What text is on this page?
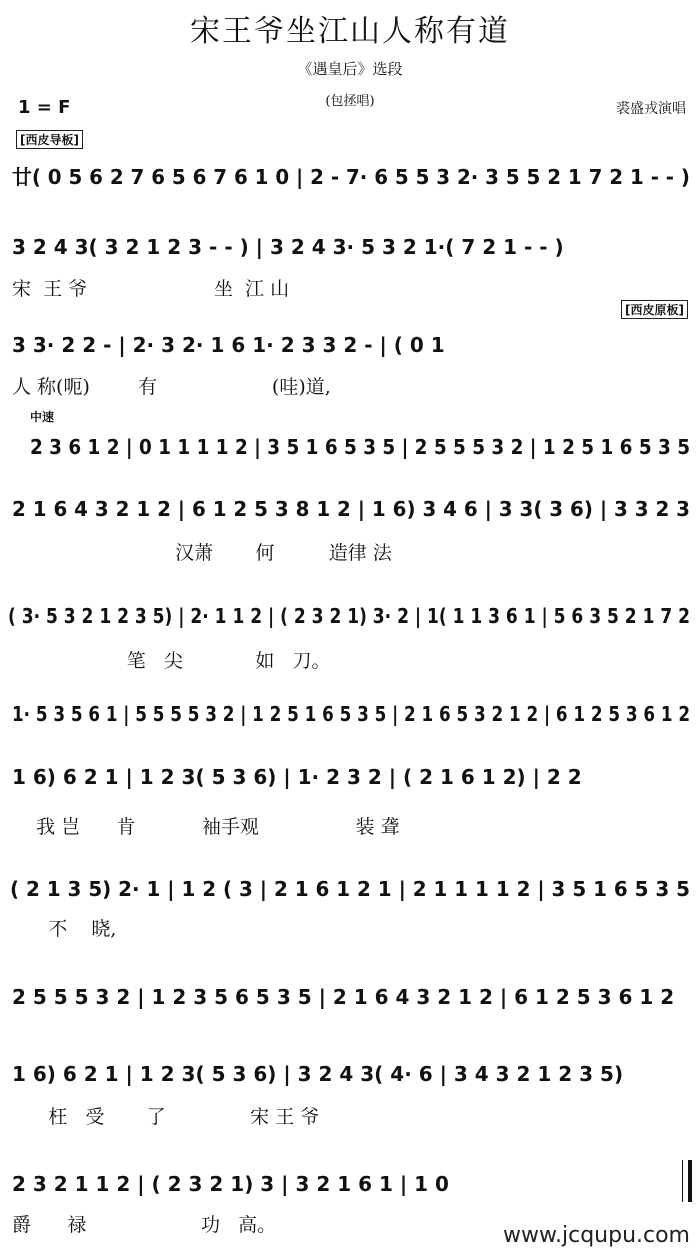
宋王爷坐江山人称有道
《遇皇后》选段
(包拯唱)
1 = F	裘盛戎演唱
[西皮导板]
[西皮原板]
中速
廿( 0 5 6 2 7 6 5 6 7 6 1 0 | 2 - 7· 6 5 5 3 2· 3 5 5 2 1 7 2 1 - - )
3 2 4 3( 3 2 1 2 3 - - ) | 3 2 4 3· 5 3 2 1·( 7 2 1 - - )
3 3· 2 2 - | 2· 3 2· 1 6 1· 2 3 3 2 - | ( 0 1
2 3 6 1 2 | 0 1 1 1 1 2 | 3 5 1 6 5 3 5 | 2 5 5 5 3 2 | 1 2 5 1 6 5 3 5
2 1 6 4 3 2 1 2 | 6 1 2 5 3 8 1 2 | 1 6) 3 4 6 | 3 3( 3 6) | 3 3 2 3
( 3· 5 3 2 1 2 3 5) | 2· 1 1 2 | ( 2 3 2 1) 3· 2 | 1( 1 1 3 6 1 | 5 6 3 5 2 1 7 2
1· 5 3 5 6 1 | 5 5 5 5 3 2 | 1 2 5 1 6 5 3 5 | 2 1 6 5 3 2 1 2 | 6 1 2 5 3 6 1 2
1 6) 6 2 1 | 1 2 3( 5 3 6) | 1· 2 3 2 | ( 2 1 6 1 2) | 2 2
( 2 1 3 5) 2· 1 | 1 2 ( 3 | 2 1 6 1 2 1 | 2 1 1 1 1 2 | 3 5 1 6 5 3 5
2 5 5 5 3 2 | 1 2 3 5 6 5 3 5 | 2 1 6 4 3 2 1 2 | 6 1 2 5 3 6 1 2
1 6) 6 2 1 | 1 2 3( 5 3 6) | 3 2 4 3( 4· 6 | 3 4 3 2 1 2 3 5)
2 3 2 1 1 2 | ( 2 3 2 1) 3 | 3 2 1 6 1 | 1 0
宋  王 爷                     坐  江 山
人 称(呃)        有                   (哇)道,
汉萧       何         造律 法
笔   尖            如   刀。
我 岂      肯           袖手观                装 聋
不    晓,
枉   受       了              宋 王 爷
爵      禄                   功   高。	www.jcqupu.com
